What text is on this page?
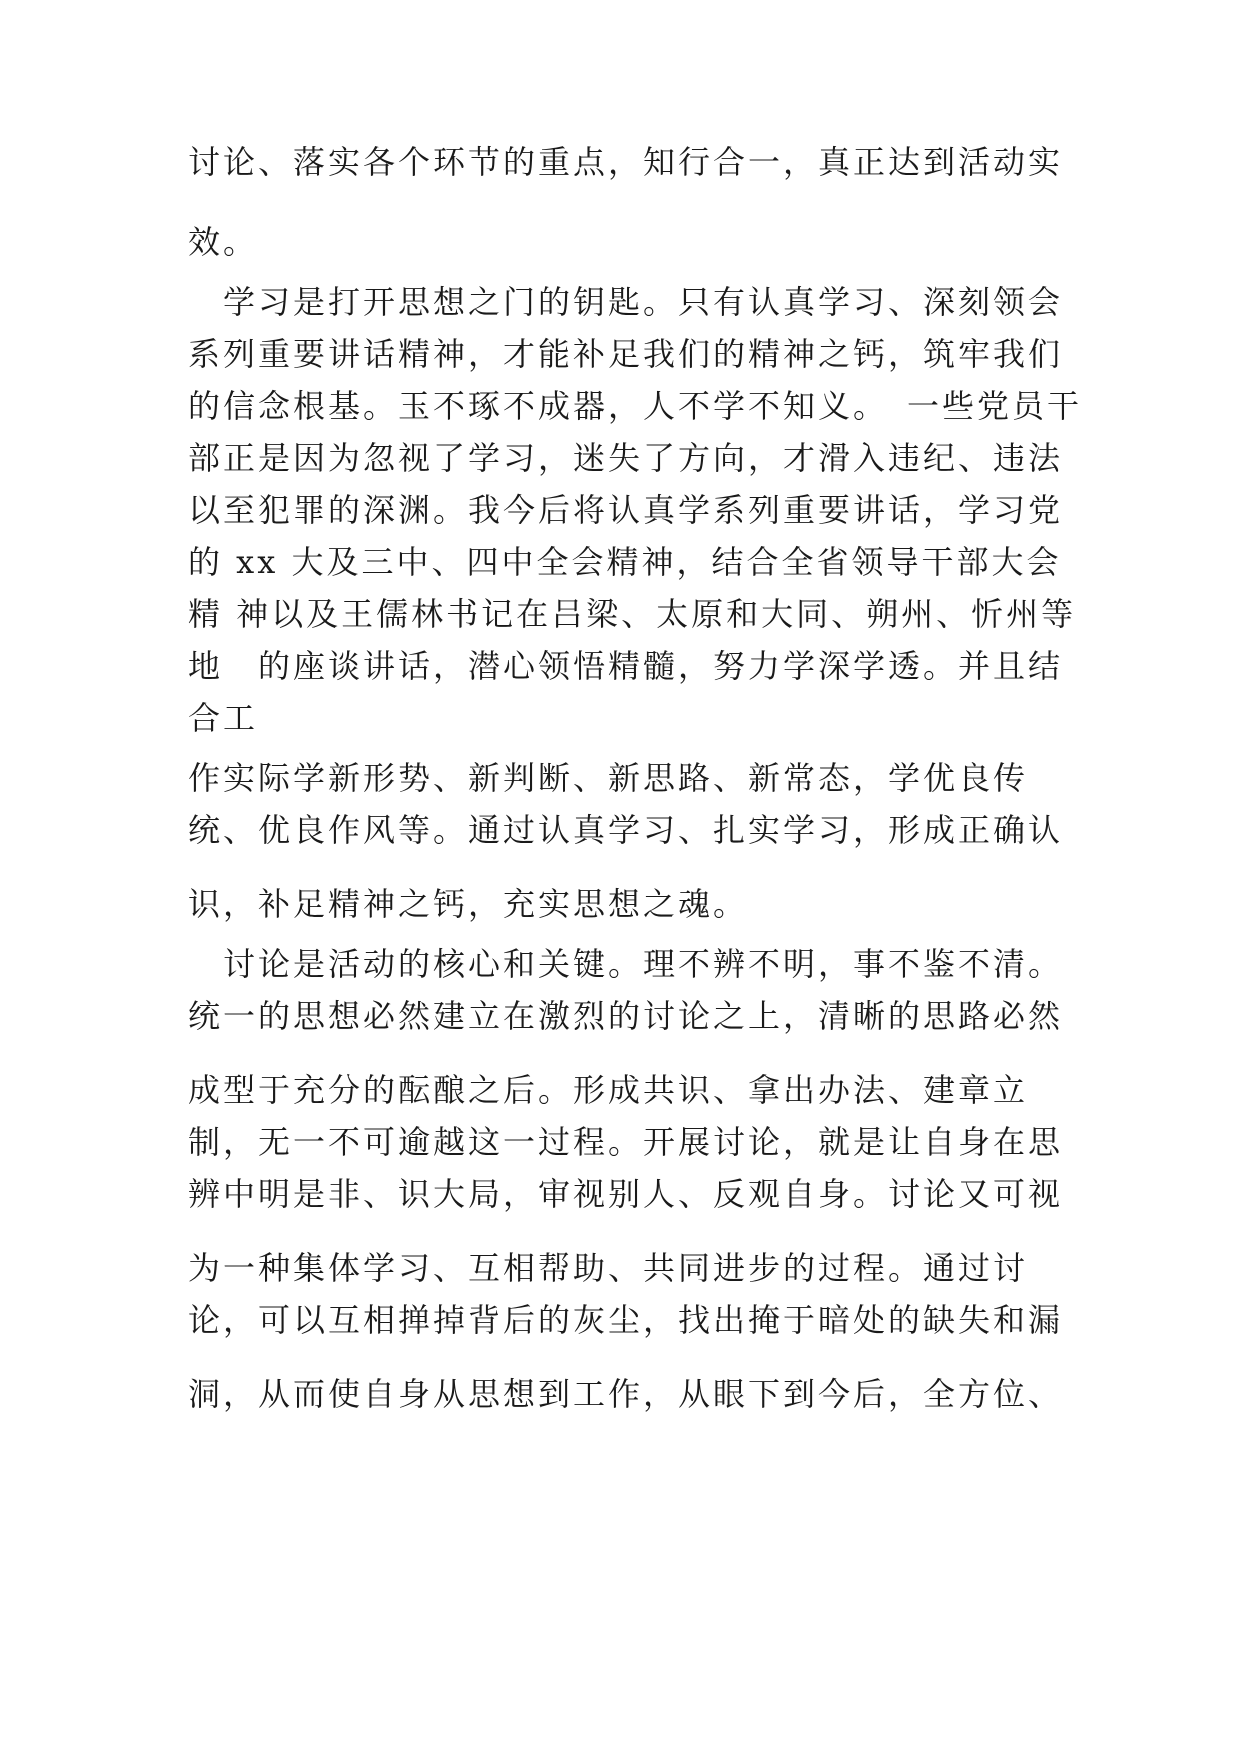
讨论、落实各个环节的重点，知行合一，真正达到活动实

效。

　学习是打开思想之门的钥匙。只有认真学习、深刻领会

系列重要讲话精神，才能补足我们的精神之钙，筑牢我们

的信念根基。玉不琢不成器，人不学不知义。　一些党员干

部正是因为忽视了学习，迷失了方向，才滑入违纪、违法

以至犯罪的深渊。我今后将认真学系列重要讲话，学习党

的 xx 大及三中、四中全会精神，结合全省领导干部大会

精 神以及王儒林书记在吕梁、太原和大同、朔州、忻州等

地　的座谈讲话，潜心领悟精髓，努力学深学透。并且结

合工

作实际学新形势、新判断、新思路、新常态，学优良传

统、优良作风等。通过认真学习、扎实学习，形成正确认

识，补足精神之钙，充实思想之魂。

　讨论是活动的核心和关键。理不辨不明，事不鉴不清。

统一的思想必然建立在激烈的讨论之上，清晰的思路必然

成型于充分的酝酿之后。形成共识、拿出办法、建章立

制，无一不可逾越这一过程。开展讨论，就是让自身在思

辨中明是非、识大局，审视别人、反观自身。讨论又可视

为一种集体学习、互相帮助、共同进步的过程。通过讨

论，可以互相掸掉背后的灰尘，找出掩于暗处的缺失和漏

洞，从而使自身从思想到工作，从眼下到今后，全方位、
